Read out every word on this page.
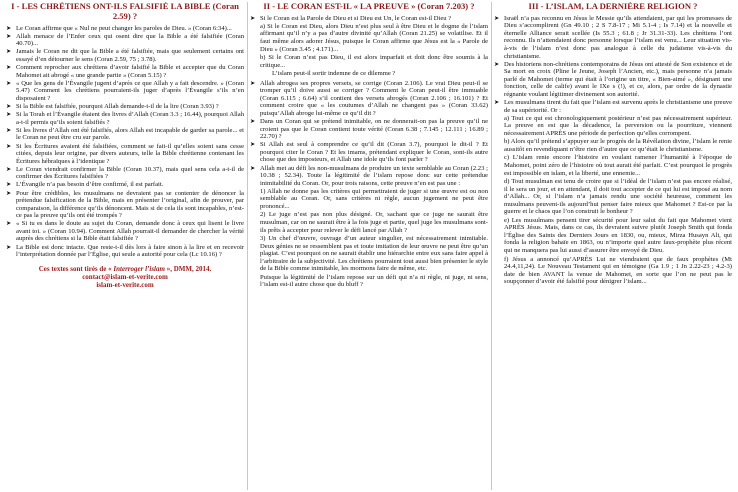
I - LES CHRÉTIENS ONT-ILS FALSIFIÉ LA BIBLE (Coran 2.59) ?
➤ Le Coran affirme que « Nul ne peut changer les paroles de Dieu. » (Coran 6:34)...
➤ Allah menace de l’Enfer ceux qui osent dire que la Bible a été falsifiée (Coran 40.70)...
➤ Jamais le Coran ne dit que la Bible a été falsifiée, mais que seulement certains ont essayé d’en détourner le sens (Coran 2.59, 75 ; 3.78).
➤ Comment reprocher aux chrétiens d’avoir falsifié la Bible et accepter que du Coran Mahomet ait abrogé « une grande partie » (Coran 5.15) ?
➤ « Que les gens de l’Évangile jugent d’après ce que Allah y a fait descendre. » (Coran 5.47) Comment les chrétiens pourraient-ils juger d’après l’Évangile s’ils n’en disposaient ?
➤ Si la Bible est falsifiée, pourquoi Allah demande-t-il de la lire (Coran 3.93) ?
➤ Si la Torah et l’Évangile étaient des livres d’Allah (Coran 3.3 ; 16.44), pourquoi Allah a-t-il permis qu’ils soient falsifiés ?
➤ Si les livres d’Allah ont été falsifiés, alors Allah est incapable de garder sa parole... et le Coran ne peut être cru sur parole.
➤ Si les Écritures avaient été falsifiées, comment se fait-il qu’elles soient sans cesse citées, depuis leur origine, par divers auteurs, telle la Bible chrétienne contenant les Écritures hébraïques à l’identique ?
➤ Le Coran viendrait confirmer la Bible (Coran 10.37), mais quel sens cela a-t-il de confirmer des Écritures falsifiées ?
➤ L’Évangile n’a pas besoin d’être confirmé, il est parfait.
➤ Pour être crédibles, les musulmans ne devraient pas se contenter de dénoncer la prétendue falsification de la Bible, mais en présenter l’original, afin de prouver, par comparaison, la différence qu’ils dénoncent. Mais si de cela ils sont incapables, n’est-ce pas la preuve qu’ils ont été trompés ?
➤ « Si tu es dans le doute au sujet du Coran, demande donc à ceux qui lisent le livre avant toi. » (Coran 10.94). Comment Allah pourrait-il demander de chercher la vérité auprès des chrétiens si la Bible était falsifiée ?
➤ La Bible est donc intacte. Que reste-t-il dès lors à faire sinon à la lire et en recevoir l’interprétation donnée par l’Église, qui seule a autorité pour cela (Lc 10.16) ?
Ces textes sont tirés de « Interroger l’islam », DMM, 2014.
contact@islam-et-verite.com
islam-et-verite.com
II - LE CORAN EST-IL « LA PREUVE » (Coran 7.203) ?
➤ Si le Coran est la Parole de Dieu et si Dieu est Un, le Coran est-il Dieu ?
a) Si le Coran est Dieu, alors Dieu n’est plus seul à être Dieu et le dogme de l’islam affirmant qu’il n’y a pas d’autre divinité qu’Allah (Coran 21.25) se volatilise. Et il faut même alors adorer Jésus, puisque le Coran affirme que Jésus est la « Parole de Dieu » (Coran 3.45 ; 4.171)...
b) Si le Coran n’est pas Dieu, il est alors imparfait et doit donc être soumis à la critique...
L’islam peut-il sortir indemne de ce dilemme ?
➤ Allah abrogea ses propres versets, se corrige (Coran 2.106). Le vrai Dieu peut-il se tromper qu’il doive aussi se corriger ? Comment le Coran peut-il être immuable (Coran 6.115 ; 6.64) s’il contient des versets abrogés (Coran 2.106 ; 16.101) ? Et comment croire que « les coutumes d’Allah ne changent pas » (Coran 33.62) puisqu’Allah abroge lui-même ce qu’il dit ?
➤ Dans un Coran qui se prétend inimitable, on ne donnerait-on pas la preuve qu’il ne croient pas que le Coran contient toute vérité (Coran 6.38 ; 7.145 ; 12.111 ; 16.89 ; 22.70) ?
➤ Si Allah est seul à comprendre ce qu’il dit (Coran 3.7), pourquoi le dit-il ? Et pourquoi citer le Coran ? Et les imams, prétendant expliquer le Coran, sont-ils autre chose que des imposteurs, et Allah une idole qu’ils font parler ?
➤ Allah met au défi les non-musulmans de produire un texte semblable au Coran (2.23 ; 10.38 ; 52.34). Toute la légitimité de l’islam repose donc sur cette prétendue inimitabilité du Coran. Or, pour trois raisons, cette preuve n’en est pas une :
1) Allah ne donne pas les critères qui permettraient de juger si une œuvre est ou non semblable au Coran. Or, sans critères ni règle, aucun jugement ne peut être prononcé...
2) Le juge n’est pas non plus désigné. Or, sachant que ce juge ne saurait être musulman, car on ne saurait être à la fois juge et partie, quel juge les musulmans sont-ils prêts à accepter pour relever le défi lancé par Allah ?
3) Un chef d’œuvre, ouvrage d’un auteur singulier, est nécessairement inimitable. Deux génies ne se ressemblent pas et toute imitation de leur œuvre ne peut être qu’un plagiat. C’est pourquoi on ne saurait établir une hiérarchie entre eux sans faire appel à l’arbitraire de la subjectivité. Les chrétiens pourraient tout aussi bien présenter le style de la Bible comme inimitable, les mormons faire de même, etc.
Puisque la légitimité de l’islam repose sur un défi qui n’a ni règle, ni juge, ni sens, l’islam est-il autre chose que du bluff ?
III - L’ISLAM, LA DERNIÈRE RELIGION ?
➤ Israël n’a pas reconnu en Jésus le Messie qu’ils attendaient, par qui les promesses de Dieu s’accomplirent (Gn 49.10 ; 2 S 7.8-17 ; Mi 5.1-4 ; Is 7.14) et la nouvelle et éternelle Alliance serait scellée (Is 55.3 ; 61.8 ; Jr 31.31-33). Les chrétiens l’ont reconnu. Ils n’attendaient donc personne lorsque l’islam est venu... Leur situation vis-à-vis de l’islam n’est donc pas analogue à celle du judaïsme vis-à-vis du christianisme.
➤ Des historiens non-chrétiens contemporains de Jésus ont attesté de Son existence et de Sa mort en croix (Pline le Jeune, Joseph l’Ancien, etc.), mais personne n’a jamais parlé de Mahomet (terme qui était à l’origine un titre, « Bien-aimé », désignant une fonction, celle de calife) avant le IXe s (!), et ce, alors, par ordre de la dynastie régnante voulant légitimer divinement son autorité.
➤ Les musulmans tirent du fait que l’islam est survenu après le christianisme une preuve de sa supériorité. Or :
a) Tout ce qui est chronologiquement postérieur n’est pas nécessairement supérieur. La preuve en est que la décadence, la perversion ou la pourriture, viennent nécessairement APRÈS une période de perfection qu’elles corrompent.
b) Alors qu’il prétend s’appuyer sur le progrès de la Révélation divine, l’islam le renie aussitôt en revendiquant n’être rien d’autre que ce qu’était le christianisme.
c) L’islam renie encore l’histoire en voulant ramener l’humanité à l’époque de Mahomet, point zéro de l’histoire où tout aurait été parfait. C’est pourquoi le progrès est impossible en islam, et la liberté, une ennemie...
d) Tout musulman est tenu de croire que si l’idéal de l’islam n’est pas encore réalisé, il le sera un jour, et en attendant, il doit tout accepter de ce qui lui est imposé au nom d’Allah... Or, si l’islam n’a jamais rendu une société heureuse, comment les musulmans peuvent-ils aujourd’hui penser faire mieux que Mahomet ? Est-ce par la guerre et le chaos que l’on construit le bonheur ?
e) Les musulmans pensent tirer sécurité pour leur salut du fait que Mahomet vient APRÈS Jésus. Mais, dans ce cas, ils devraient suivre plutôt Joseph Smith qui fonda l’Église des Saints des Derniers Jours en 1830, ou, mieux, Mirza Husayn Ali, qui fonda la religion bahaïe en 1863, ou n’importe quel autre faux-prophète plus récent qui ne manquera pas lui aussi d’assurer être envoyé de Dieu.
f) Jésus a annoncé qu’APRÈS Lui ne viendraient que de faux prophètes (Mt 24.4,11,24). Le Nouveau Testament qui en témoigne (Ga 1.9 ; 1 Jn 2.22-23 ; 4.2-3) date de bien AVANT la venue de Mahomet, en sorte que l’on ne peut pas le soupçonner d’avoir été falsifié pour dénigrer l’islam...
